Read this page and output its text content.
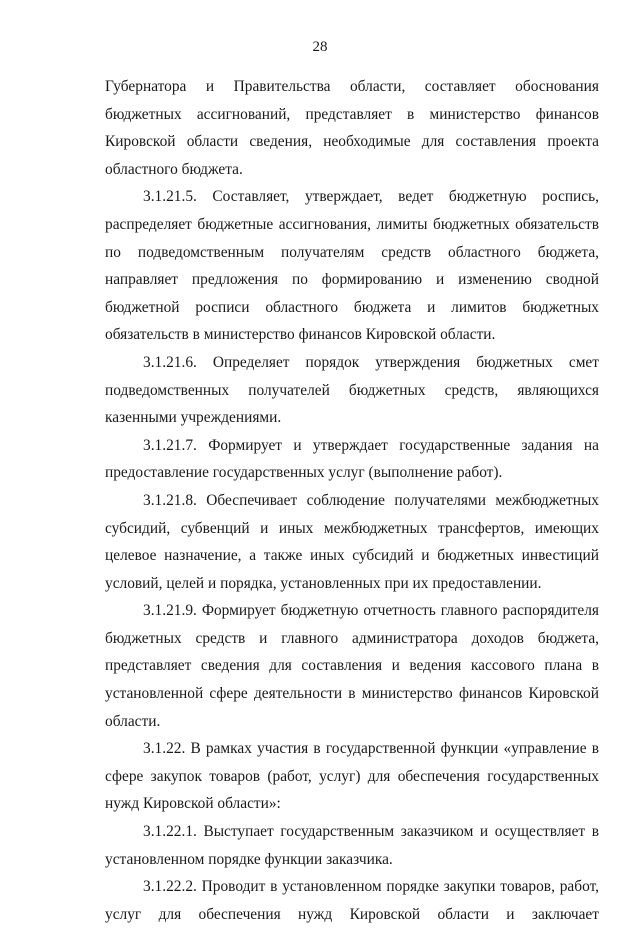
28

Губернатора и Правительства области, составляет обоснования бюджетных ассигнований, представляет в министерство финансов Кировской области сведения, необходимые для составления проекта областного бюджета.

3.1.21.5. Составляет, утверждает, ведет бюджетную роспись, распределяет бюджетные ассигнования, лимиты бюджетных обязательств по подведомственным получателям средств областного бюджета, направляет предложения по формированию и изменению сводной бюджетной росписи областного бюджета и лимитов бюджетных обязательств в министерство финансов Кировской области.

3.1.21.6. Определяет порядок утверждения бюджетных смет подведомственных получателей бюджетных средств, являющихся казенными учреждениями.

3.1.21.7. Формирует и утверждает государственные задания на предоставление государственных услуг (выполнение работ).

3.1.21.8. Обеспечивает соблюдение получателями межбюджетных субсидий, субвенций и иных межбюджетных трансфертов, имеющих целевое назначение, а также иных субсидий и бюджетных инвестиций условий, целей и порядка, установленных при их предоставлении.

3.1.21.9. Формирует бюджетную отчетность главного распорядителя бюджетных средств и главного администратора доходов бюджета, представляет сведения для составления и ведения кассового плана в установленной сфере деятельности в министерство финансов Кировской области.

3.1.22. В рамках участия в государственной функции «управление в сфере закупок товаров (работ, услуг) для обеспечения государственных нужд Кировской области»:

3.1.22.1. Выступает государственным заказчиком и осуществляет в установленном порядке функции заказчика.

3.1.22.2. Проводит в установленном порядке закупки товаров, работ, услуг для обеспечения нужд Кировской области и заключает
